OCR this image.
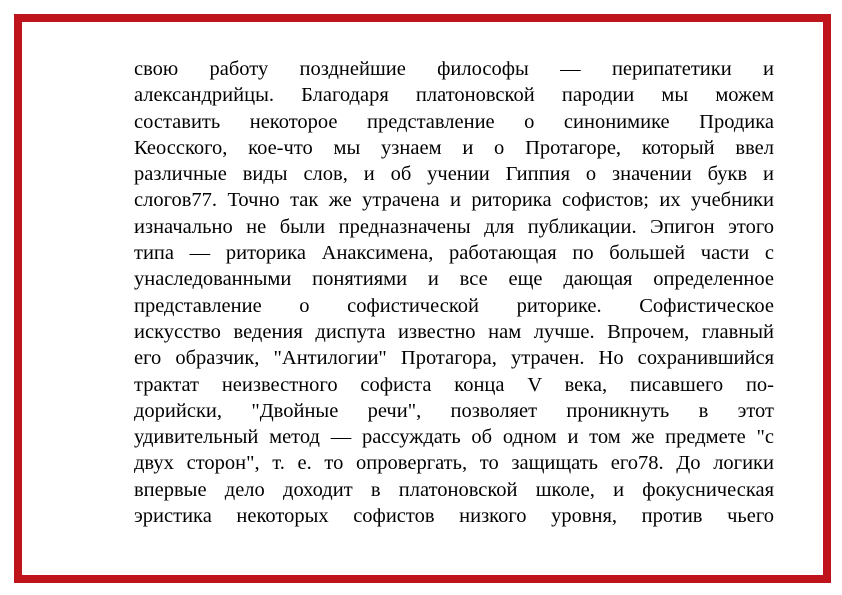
свою работу позднейшие философы — перипатетики и
александрийцы. Благодаря платоновской пародии мы можем
составить некоторое представление о синонимике Продика
Кеосского, кое-что мы узнаем и о Протагоре, который ввел
различные виды слов, и об учении Гиппия о значении букв и
слогов77. Точно так же утрачена и риторика софистов; их учебники
изначально не были предназначены для публикации. Эпигон этого
типа — риторика Анаксимена, работающая по большей части с
унаследованными понятиями и все еще дающая определенное
представление о софистической риторике. Софистическое
искусство ведения диспута известно нам лучше. Впрочем, главный
его образчик, "Антилогии" Протагора, утрачен. Но сохранившийся
трактат неизвестного софиста конца V века, писавшего по-
дорийски, "Двойные речи", позволяет проникнуть в этот
удивительный метод — рассуждать об одном и том же предмете "с
двух сторон", т. е. то опровергать, то защищать его78. До логики
впервые дело доходит в платоновской школе, и фокусническая
эристика некоторых софистов низкого уровня, против чьего
